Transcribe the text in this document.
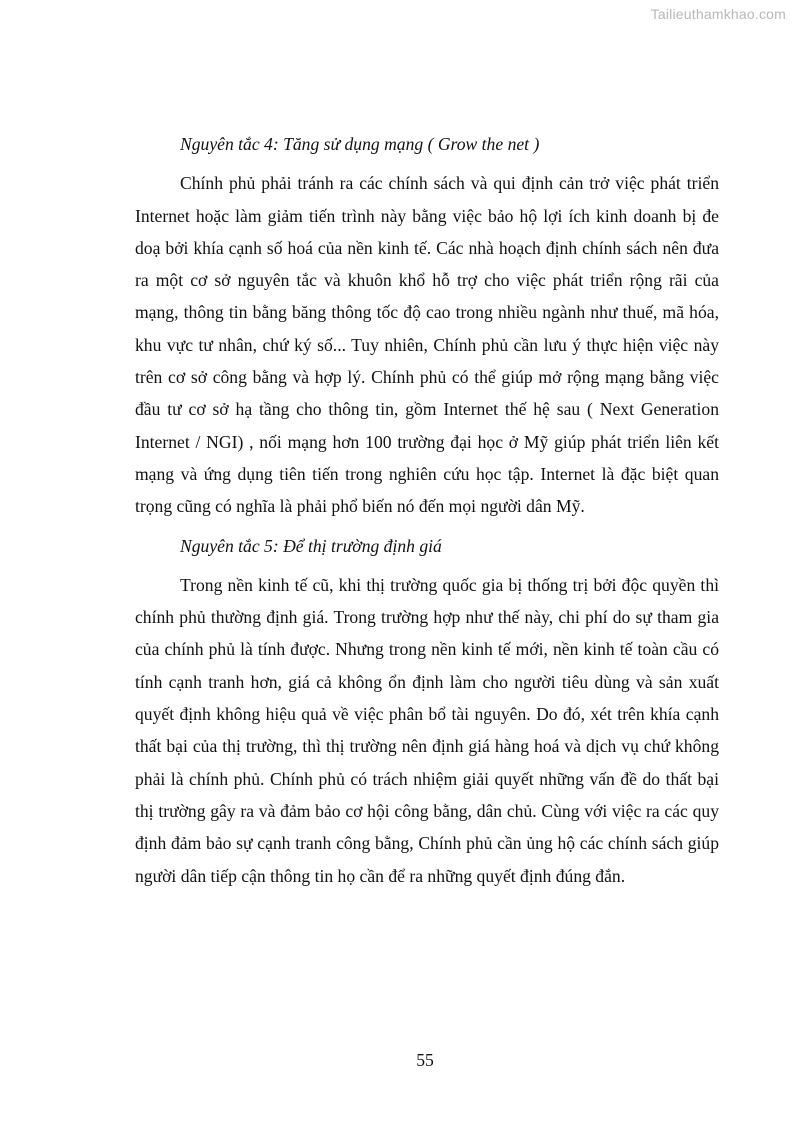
Tailieuthamkhao.com

Nguyên tắc 4: Tăng sử dụng mạng ( Grow the net )

Chính phủ phải tránh ra các chính sách và qui định cản trở việc phát triển Internet hoặc làm giảm tiến trình này bằng việc bảo hộ lợi ích kinh doanh bị đe doạ bởi khía cạnh số hoá của nền kinh tế. Các nhà hoạch định chính sách nên đưa ra một cơ sở nguyên tắc và khuôn khổ hỗ trợ cho việc phát triển rộng rãi của mạng, thông tin bằng băng thông tốc độ cao trong nhiều ngành như thuế, mã hóa, khu vực tư nhân, chứ ký số... Tuy nhiên, Chính phủ cần lưu ý thực hiện việc này trên cơ sở công bằng và hợp lý. Chính phủ có thể giúp mở rộng mạng bằng việc đầu tư cơ sở hạ tầng cho thông tin, gồm Internet thế hệ sau ( Next Generation Internet / NGI) , nối mạng hơn 100 trường đại học ở Mỹ giúp phát triển liên kết mạng và ứng dụng tiên tiến trong nghiên cứu học tập. Internet là đặc biệt quan trọng cũng có nghĩa là phải phổ biến nó đến mọi người dân Mỹ.

Nguyên tắc 5: Để thị trường định giá

Trong nền kinh tế cũ, khi thị trường quốc gia bị thống trị bởi độc quyền thì chính phủ thường định giá. Trong trường hợp như thế này, chi phí do sự tham gia của chính phủ là tính được. Nhưng trong nền kinh tế mới, nền kinh tế toàn cầu có tính cạnh tranh hơn, giá cả không ổn định làm cho người tiêu dùng và sản xuất quyết định không hiệu quả về việc phân bổ tài nguyên. Do đó, xét trên khía cạnh thất bại của thị trường, thì thị trường nên định giá hàng hoá và dịch vụ chứ không phải là chính phủ. Chính phủ có trách nhiệm giải quyết những vấn đề do thất bại thị trường gây ra và đảm bảo cơ hội công bằng, dân chủ. Cùng với việc ra các quy định đảm bảo sự cạnh tranh công bằng, Chính phủ cần ủng hộ các chính sách giúp người dân tiếp cận thông tin họ cần để ra những quyết định đúng đắn.

55
